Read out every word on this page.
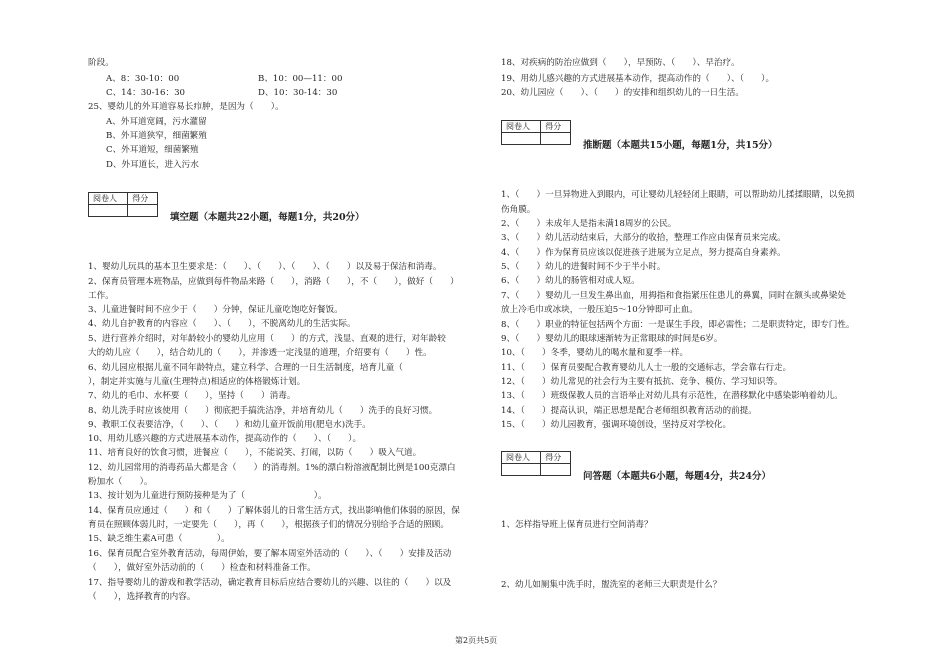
阶段。
A、8：30-10：00	B、10：00—11：00
C、14：30-16：30	D、10：30-14：30
25、婴幼儿的外耳道容易长疖肿，是因为（　　）。
A、外耳道宽阔，污水灌留
B、外耳道狭窄，细菌繁殖
C、外耳道短，细菌繁殖
D、外耳道长，进入污水
阅卷人	得分

填空题（本题共22小题，每题1分，共20分）
1、婴幼儿玩具的基本卫生要求是：（　　）、（　　）、（　　）、（　　）以及易于保洁和消毒。
2、保育员管理本班物品，应做到每件物品来路（　　），消路（　　），不（　　），做好（　　）
工作。
3、儿童进餐时间不应少于（　　）分钟，保证儿童吃饱吃好餐饭。
4、幼儿自护教育的内容应（　　）、（　　），不脱离幼儿的生活实际。
5、进行营养介绍时，对年龄较小的婴幼儿应用（　　）的方式，浅显、直观的进行，对年龄较
大的幼儿应（　　），结合幼儿的（　　），并渗透一定浅显的道理，介绍要有（　　）性。
6、幼儿园应根据儿童不同年龄特点，建立科学、合理的一日生活制度，培育儿童（　　
），制定并实施与儿童(生理特点)相适应的体格锻炼计划。
7、幼儿的毛巾、水杯要（　　），坚持（　　）消毒。
8、幼儿洗手时应该使用（　　）彻底把手搞洗洁净，并培育幼儿（　　）洗手的良好习惯。
9、教职工仪表要洁净，（　　）、（　　）和幼儿童开饭前用(肥皂水)洗手。
10、用幼儿感兴趣的方式进展基本动作，提高动作的（　　）、（　　）。
11、培育良好的饮食习惯，进餐应（　　），不能说笑、打闹，以防（　　）吸入气道。
12、幼儿园常用的消毒药品大都是含（　　）的消毒剂。1%的漂白粉溶液配制比例是100克漂白
粉加水（　　）。
13、按计划为儿童进行预防接种是为了（　　　　　　　　）。
14、保育员应通过（　　）和（　　）了解体弱儿的日常生活方式，找出影响他们体弱的原因，保
育员在照顾体弱儿时，一定要先（　　），再（　　），根据孩子们的情况分别给予合适的照顾。
15、缺乏维生素A可患（　　　　）。
16、保育员配合室外教育活动，每周伊始，要了解本周室外活动的（　　）、（　　）安排及活动
（　　），做好室外活动前的（　　）检查和材料准备工作。
17、指导婴幼儿的游戏和教学活动，确定教育目标后应结合婴幼儿的兴趣、以往的（　　）以及
（　　），选择教育的内容。
18、对疾病的防治应做到（　　），早预防、（　　）、早治疗。
19、用幼儿感兴趣的方式进展基本动作，提高动作的（　　）、（　　）。
20、幼儿园应（　　）、（　　）的安排和组织幼儿的一日生活。
阅卷人	得分

推断题（本题共15小题，每题1分，共15分）
1、（　　）一旦异物进入到眼内，可让婴幼儿轻轻闭上眼睛，可以帮助幼儿揉揉眼睛，以免损
伤角膜。
2、（　　）未成年人是指未满18周岁的公民。
3、（　　）幼儿活动结束后，大部分的收拾，整理工作应由保育员来完成。
4、（　　）作为保育员应该以促进孩子进展为立足点，努力提高自身素养。
5、（　　）幼儿的进餐时间不少于半小时。
6、（　　）幼儿的肠管相对成人短。
7、（　　）婴幼儿一旦发生鼻出血，用拇指和食指紧压住患儿的鼻翼，同时在额头或鼻梁处
放上冷毛巾或冰块，一般压迫5～10分钟即可止血。
8、（　　）职业的特征包括两个方面：一是谋生手段，即必需性；二是职责特定，即专门性。
9、（　　）婴幼儿的眼球速渐转为正常眼球的时间是6岁。
10、（　　）冬季，婴幼儿的喝水量和夏季一样。
11、（　　）保育员要配合教育婴幼儿人士一般的交通标志，学会靠右行走。
12、（　　）幼儿常见的社会行为主要有抵抗、竞争、模仿、学习知识等。
13、（　　）班级保教人员的言语举止对幼儿具有示范性，在潜移默化中感染影响着幼儿。
14、（　　）提高认识，端正思想是配合老师组织教育活动的前提。
15、（　　）幼儿园教育，强调环境创设，坚持反对学校化。
阅卷人	得分

问答题（本题共6小题，每题4分，共24分）
1、怎样指导班上保育员进行空间消毒？
2、幼儿如厕集中洗手时，盥洗室的老师三大职责是什么？
第2页共5页
